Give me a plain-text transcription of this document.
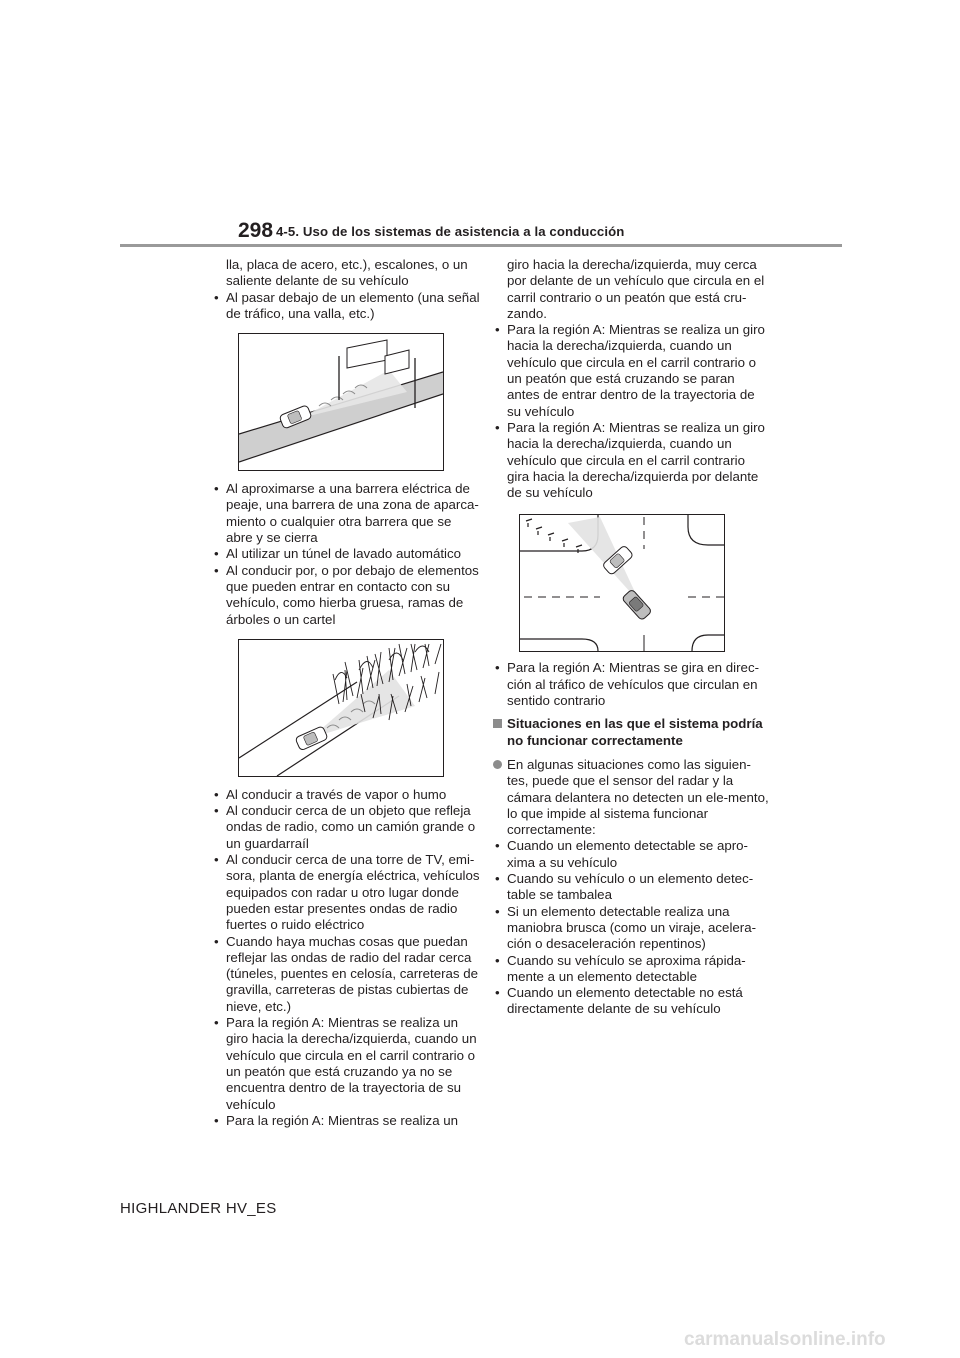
298 4-5. Uso de los sistemas de asistencia a la conducción
lla, placa de acero, etc.), escalones, o un saliente delante de su vehículo
• Al pasar debajo de un elemento (una señal de tráfico, una valla, etc.)
• Al aproximarse a una barrera eléctrica de peaje, una barrera de una zona de aparca-miento o cualquier otra barrera que se abre y se cierra
• Al utilizar un túnel de lavado automático
• Al conducir por, o por debajo de elementos que pueden entrar en contacto con su vehículo, como hierba gruesa, ramas de árboles o un cartel
• Al conducir a través de vapor o humo
• Al conducir cerca de un objeto que refleja ondas de radio, como un camión grande o un guardarraíl
• Al conducir cerca de una torre de TV, emi-sora, planta de energía eléctrica, vehículos equipados con radar u otro lugar donde pueden estar presentes ondas de radio fuertes o ruido eléctrico
• Cuando haya muchas cosas que puedan reflejar las ondas de radio del radar cerca (túneles, puentes en celosía, carreteras de gravilla, carreteras de pistas cubiertas de nieve, etc.)
• Para la región A: Mientras se realiza un giro hacia la derecha/izquierda, cuando un vehículo que circula en el carril contrario o un peatón que está cruzando ya no se encuentra dentro de la trayectoria de su vehículo
• Para la región A: Mientras se realiza un
giro hacia la derecha/izquierda, muy cerca por delante de un vehículo que circula en el carril contrario o un peatón que está cru-zando.
• Para la región A: Mientras se realiza un giro hacia la derecha/izquierda, cuando un vehículo que circula en el carril contrario o un peatón que está cruzando se paran antes de entrar dentro de la trayectoria de su vehículo
• Para la región A: Mientras se realiza un giro hacia la derecha/izquierda, cuando un vehículo que circula en el carril contrario gira hacia la derecha/izquierda por delante de su vehículo
• Para la región A: Mientras se gira en direc-ción al tráfico de vehículos que circulan en sentido contrario
Situaciones en las que el sistema podría no funcionar correctamente
En algunas situaciones como las siguien-tes, puede que el sensor del radar y la cámara delantera no detecten un ele-mento, lo que impide al sistema funcionar correctamente:
• Cuando un elemento detectable se apro-xima a su vehículo
• Cuando su vehículo o un elemento detec-table se tambalea
• Si un elemento detectable realiza una maniobra brusca (como un viraje, acelera-ción o desaceleración repentinos)
• Cuando su vehículo se aproxima rápida-mente a un elemento detectable
• Cuando un elemento detectable no está directamente delante de su vehículo
HIGHLANDER HV_ES
carmanualsonline.info
